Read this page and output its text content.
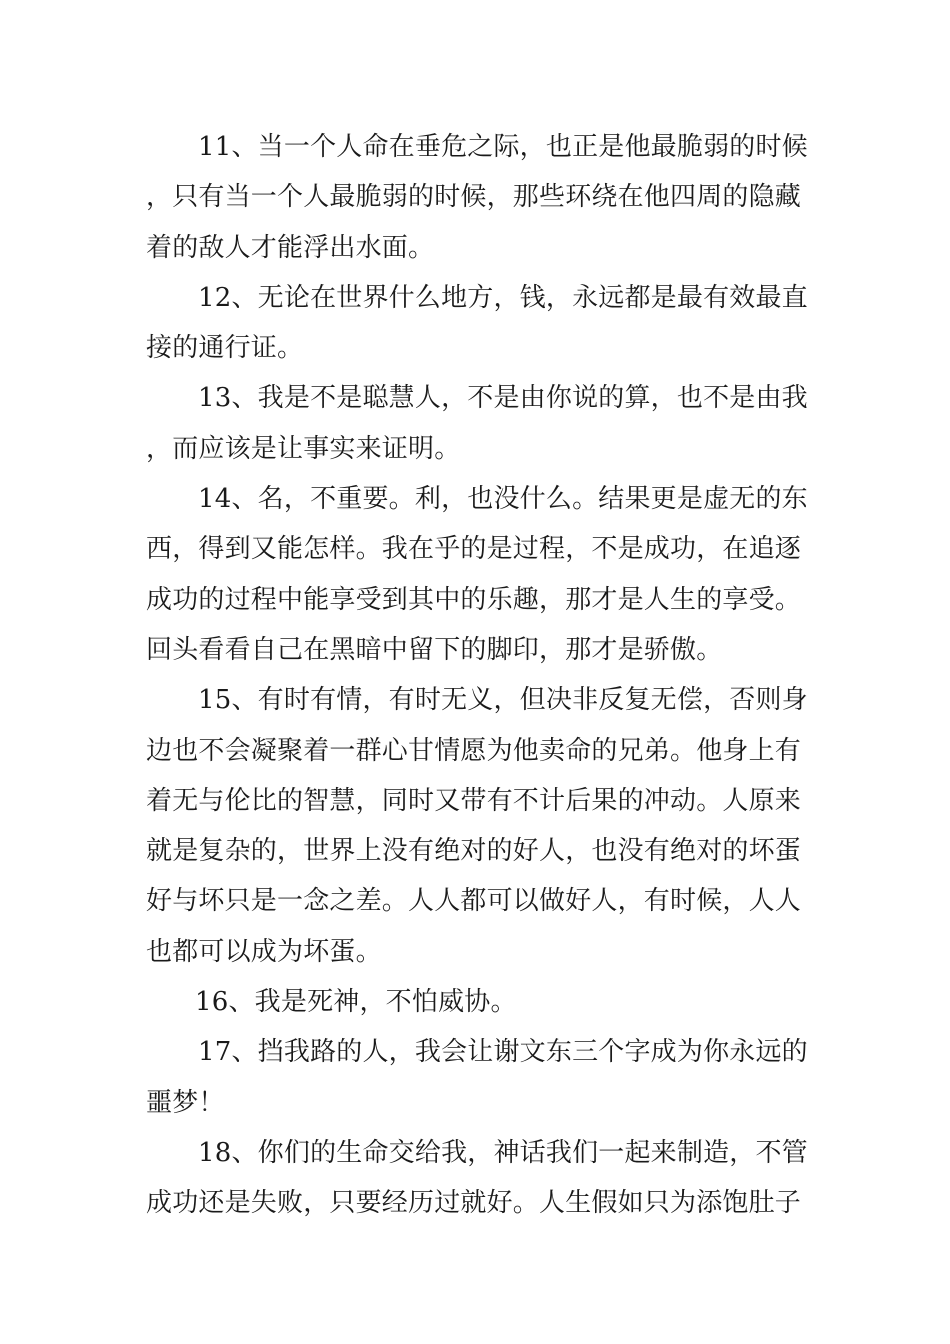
11、当一个人命在垂危之际，也正是他最脆弱的时候，只有当一个人最脆弱的时候，那些环绕在他四周的隐藏着的敌人才能浮出水面。

12、无论在世界什么地方，钱，永远都是最有效最直接的通行证。

13、我是不是聪慧人，不是由你说的算，也不是由我，而应该是让事实来证明。

14、名，不重要。利，也没什么。结果更是虚无的东西，得到又能怎样。我在乎的是过程，不是成功，在追逐成功的过程中能享受到其中的乐趣，那才是人生的享受。回头看看自己在黑暗中留下的脚印，那才是骄傲。

15、有时有情，有时无义，但决非反复无偿，否则身边也不会凝聚着一群心甘情愿为他卖命的兄弟。他身上有着无与伦比的智慧，同时又带有不计后果的冲动。人原来就是复杂的，世界上没有绝对的好人，也没有绝对的坏蛋好与坏只是一念之差。人人都可以做好人，有时候，人人也都可以成为坏蛋。

16、我是死神，不怕威协。

17、挡我路的人，我会让谢文东三个字成为你永远的噩梦！

18、你们的生命交给我，神话我们一起来制造，不管成功还是失败，只要经历过就好。人生假如只为添饱肚子
